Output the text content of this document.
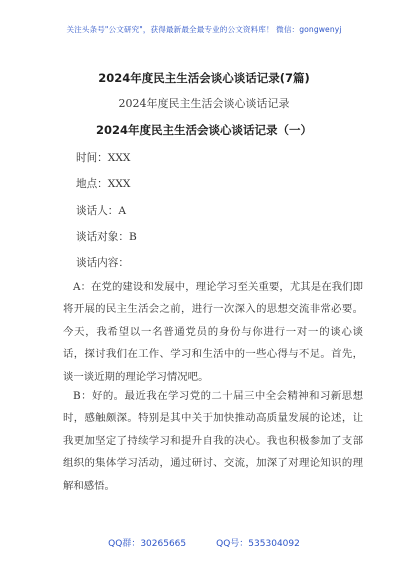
关注头条号"公文研究"，获得最新最全最专业的公文资料库！ 微信：gongwenyj
2024年度民主生活会谈心谈话记录(7篇)
2024年度民主生活会谈心谈话记录
2024年度民主生活会谈心谈话记录（一）
时间：XXX
地点：XXX
谈话人：A
谈话对象：B
谈话内容：

A：在党的建设和发展中，理论学习至关重要，尤其是在我们即将开展的民主生活会之前，进行一次深入的思想交流非常必要。今天，我希望以一名普通党员的身份与你进行一对一的谈心谈话，探讨我们在工作、学习和生活中的一些心得与不足。首先，谈一谈近期的理论学习情况吧。

B：好的。最近我在学习党的二十届三中全会精神和习新思想时，感触颇深。特别是其中关于加快推动高质量发展的论述，让我更加坚定了持续学习和提升自我的决心。我也积极参加了支部组织的集体学习活动，通过研讨、交流，加深了对理论知识的理解和感悟。

QQ群：30265665	QQ号：535304092
